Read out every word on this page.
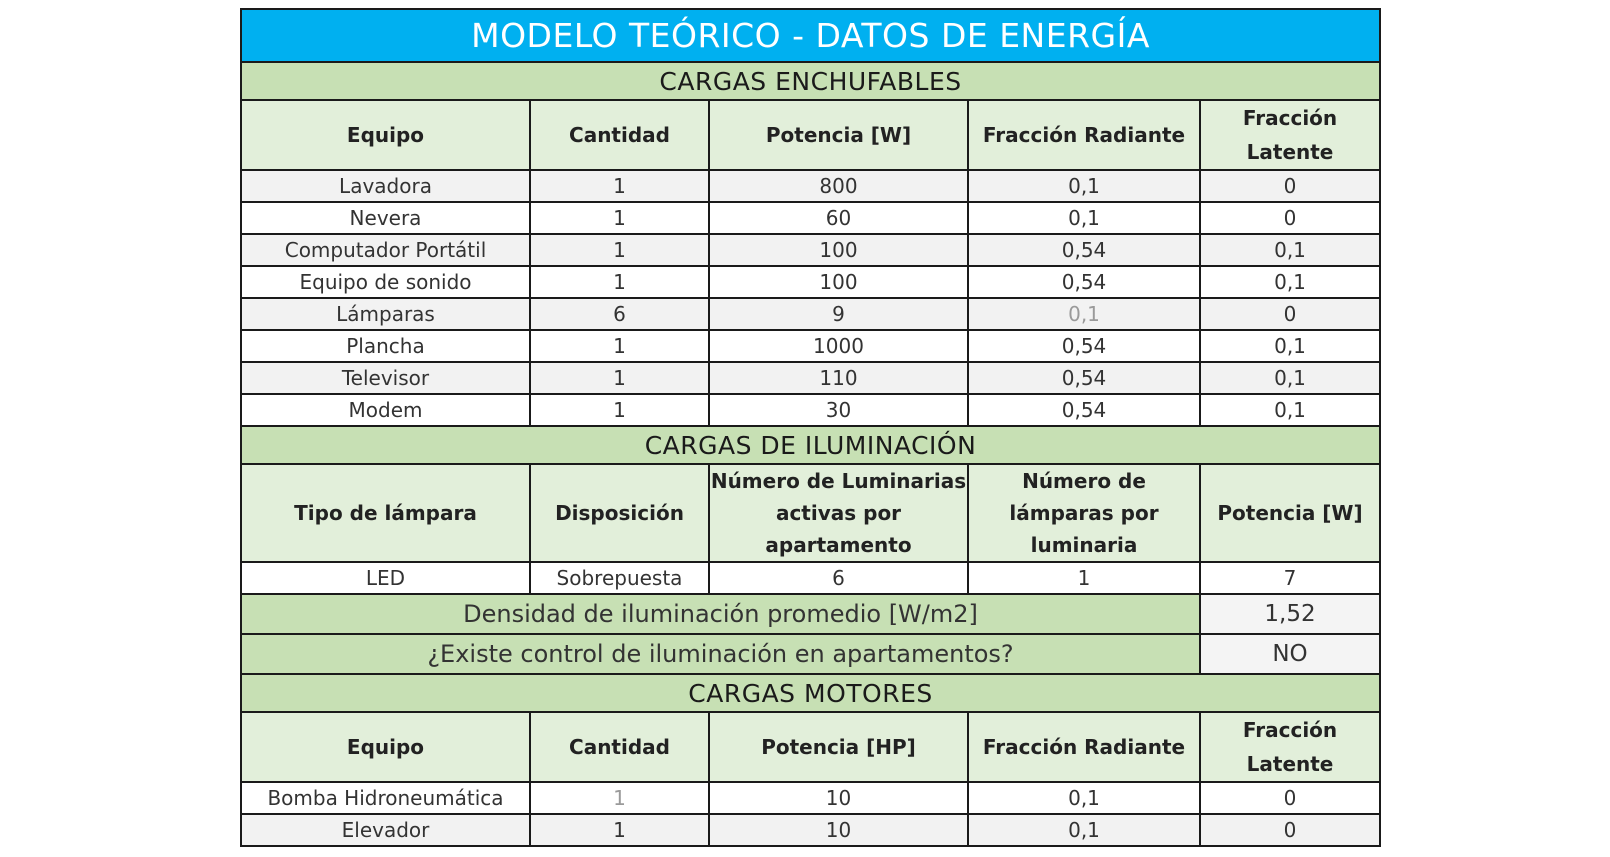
MODELO TEÓRICO - DATOS DE ENERGÍA				
CARGAS ENCHUFABLES				
Equipo	Cantidad	Potencia [W]	Fracción Radiante	Fracción Latente
Lavadora	1	800	0,1	0
Nevera	1	60	0,1	0
Computador Portátil	1	100	0,54	0,1
Equipo de sonido	1	100	0,54	0,1
Lámparas	6	9	0,1	0
Plancha	1	1000	0,54	0,1
Televisor	1	110	0,54	0,1
Modem	1	30	0,54	0,1
CARGAS DE ILUMINACIÓN				
Tipo de lámpara	Disposición	Número de Luminarias activas por apartamento	Número de lámparas por luminaria	Potencia [W]
LED	Sobrepuesta	6	1	7
Densidad de iluminación promedio [W/m2]				1,52
¿Existe control de iluminación en apartamentos?				NO
CARGAS MOTORES				
Equipo	Cantidad	Potencia [HP]	Fracción Radiante	Fracción Latente
Bomba Hidroneumática	1	10	0,1	0
Elevador	1	10	0,1	0
